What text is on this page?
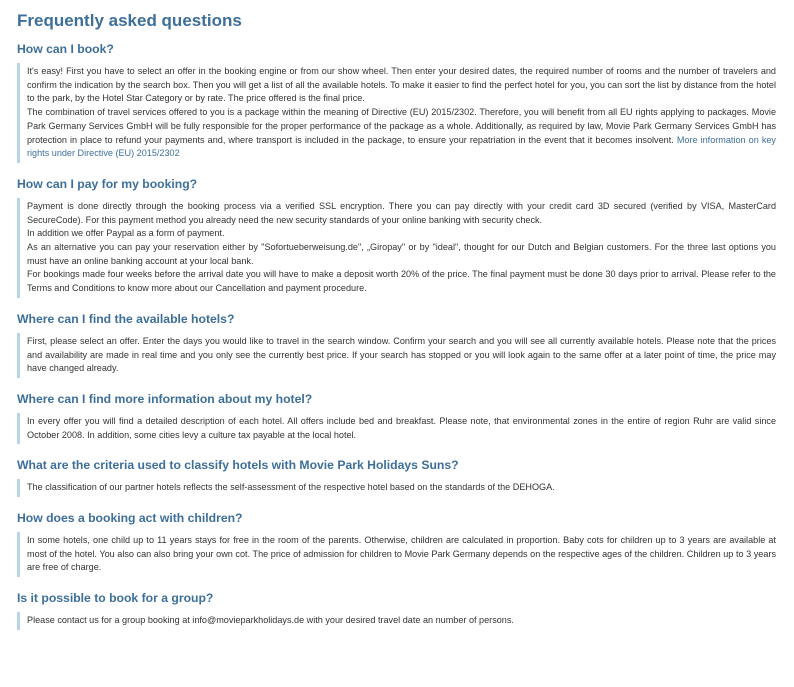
Frequently asked questions
How can I book?

It's easy! First you have to select an offer in the booking engine or from our show wheel. Then enter your desired dates, the required number of rooms and the number of travelers and confirm the indication by the search box. Then you will get a list of all the available hotels. To make it easier to find the perfect hotel for you, you can sort the list by distance from the hotel to the park, by the Hotel Star Category or by rate. The price offered is the final price.

The combination of travel services offered to you is a package within the meaning of Directive (EU) 2015/2302. Therefore, you will benefit from all EU rights applying to packages. Movie Park Germany Services GmbH will be fully responsible for the proper performance of the package as a whole. Additionally, as required by law, Movie Park Germany Services GmbH has protection in place to refund your payments and, where transport is included in the package, to ensure your repatriation in the event that it becomes insolvent. More information on key rights under Directive (EU) 2015/2302

How can I pay for my booking?

Payment is done directly through the booking process via a verified SSL encryption. There you can pay directly with your credit card 3D secured (verified by VISA, MasterCard SecureCode). For this payment method you already need the new security standards of your online banking with security check.

In addition we offer Paypal as a form of payment.

As an alternative you can pay your reservation either by "Sofortueberweisung.de", „Giropay" or by "ideal", thought for our Dutch and Belgian customers. For the three last options you must have an online banking account at your local bank.

For bookings made four weeks before the arrival date you will have to make a deposit worth 20% of the price. The final payment must be done 30 days prior to arrival. Please refer to the Terms and Conditions to know more about our Cancellation and payment procedure.

Where can I find the available hotels?

First, please select an offer. Enter the days you would like to travel in the search window. Confirm your search and you will see all currently available hotels. Please note that the prices and availability are made in real time and you only see the currently best price. If your search has stopped or you will look again to the same offer at a later point of time, the price may have changed already.

Where can I find more information about my hotel?

In every offer you will find a detailed description of each hotel. All offers include bed and breakfast. Please note, that environmental zones in the entire of region Ruhr are valid since October 2008. In addition, some cities levy a culture tax payable at the local hotel.

What are the criteria used to classify hotels with Movie Park Holidays Suns?

The classification of our partner hotels reflects the self-assessment of the respective hotel based on the standards of the DEHOGA.

How does a booking act with children?

In some hotels, one child up to 11 years stays for free in the room of the parents. Otherwise, children are calculated in proportion. Baby cots for children up to 3 years are available at most of the hotel. You also can also bring your own cot. The price of admission for children to Movie Park Germany depends on the respective ages of the children. Children up to 3 years are free of charge.

Is it possible to book for a group?

Please contact us for a group booking at info@movieparkholidays.de with your desired travel date an number of persons.
